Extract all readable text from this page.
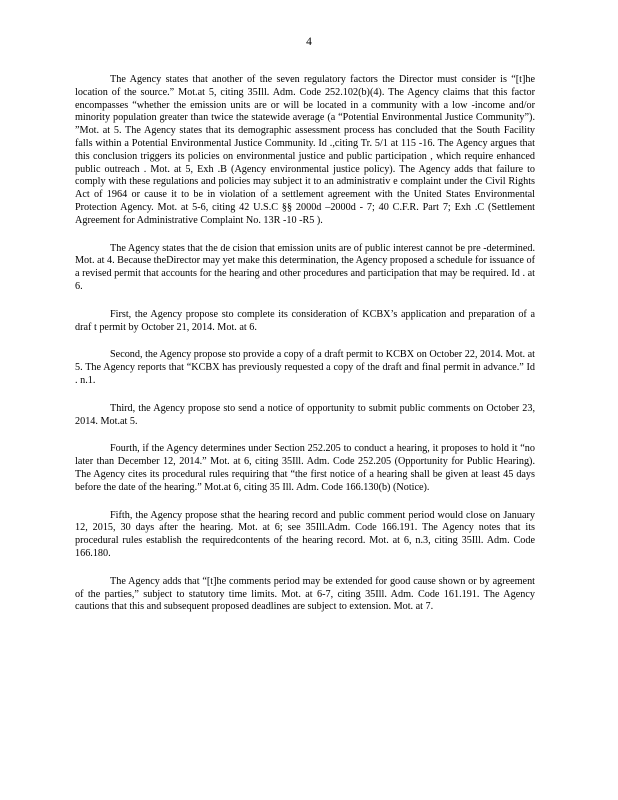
4

The Agency states that another of the seven regulatory factors the Director must consider is “[t]he location of the source.” Mot.at 5, citing 35Ill. Adm. Code 252.102(b)(4). The Agency claims that this factor encompasses “whether the emission units are or will be located in a community with a low -income and/or minority population greater than twice the statewide average (a “Potential Environmental Justice Community”). ”Mot. at 5. The Agency states that its demographic assessment process has concluded that the South Facility falls within a Potential Environmental Justice Community. Id .,citing Tr. 5/1 at 115 -16. The Agency argues that this conclusion triggers its policies on environmental justice and public participation , which require enhanced public outreach . Mot. at 5, Exh .B (Agency environmental justice policy). The Agency adds that failure to comply with these regulations and policies may subject it to an administrativ e complaint under the Civil Rights Act of 1964 or cause it to be in violation of a settlement agreement with the United States Environmental Protection Agency. Mot. at 5-6, citing 42 U.S.C §§ 2000d –2000d - 7; 40 C.F.R. Part 7; Exh .C (Settlement Agreement for Administrative Complaint No. 13R -10 -R5 ).

The Agency states that the de cision that emission units are of public interest cannot be pre -determined. Mot. at 4. Because theDirector may yet make this determination, the Agency proposed a schedule for issuance of a revised permit that accounts for the hearing and other procedures and participation that may be required. Id . at 6.

First, the Agency propose sto complete its consideration of KCBX’s application and preparation of a draf t permit by October 21, 2014. Mot. at 6.

Second, the Agency propose sto provide a copy of a draft permit to KCBX on October 22, 2014. Mot. at 5. The Agency reports that “KCBX has previously requested a copy of the draft and final permit in advance.” Id . n.1.

Third, the Agency propose sto send a notice of opportunity to submit public comments on October 23, 2014. Mot.at 5.

Fourth, if the Agency determines under Section 252.205 to conduct a hearing, it proposes to hold it “no later than December 12, 2014.” Mot. at 6, citing 35Ill. Adm. Code 252.205 (Opportunity for Public Hearing). The Agency cites its procedural rules requiring that “the first notice of a hearing shall be given at least 45 days before the date of the hearing.” Mot.at 6, citing 35 Ill. Adm. Code 166.130(b) (Notice).

Fifth, the Agency propose sthat the hearing record and public comment period would close on January 12, 2015, 30 days after the hearing. Mot. at 6; see 35Ill.Adm. Code 166.191. The Agency notes that its procedural rules establish the requiredcontents of the hearing record. Mot. at 6, n.3, citing 35Ill. Adm. Code 166.180.

The Agency adds that “[t]he comments period may be extended for good cause shown or by agreement of the parties,” subject to statutory time limits. Mot. at 6-7, citing 35Ill. Adm. Code 161.191. The Agency cautions that this and subsequent proposed deadlines are subject to extension. Mot. at 7.
